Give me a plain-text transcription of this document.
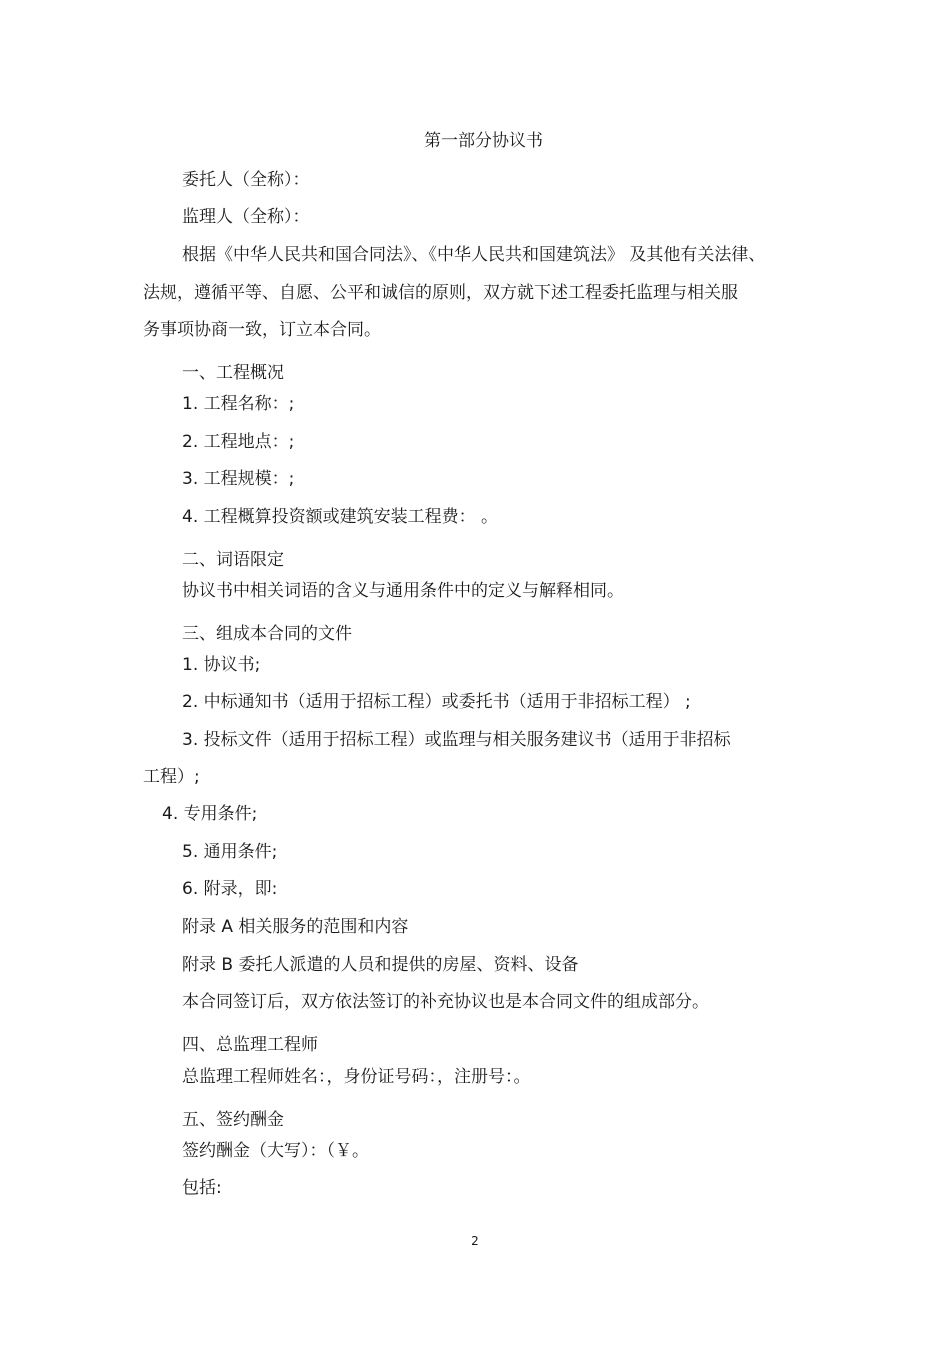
第一部分协议书
委托人（全称）：
监理人（全称）：
根据《中华人民共和国合同法》、《中华人民共和国建筑法》 及其他有关法律、
法规，遵循平等、自愿、公平和诚信的原则，双方就下述工程委托监理与相关服
务事项协商一致，订立本合同。
一、工程概况
1. 工程名称：;
2. 工程地点：;
3. 工程规模：;
4. 工程概算投资额或建筑安装工程费： 。
二、词语限定
协议书中相关词语的含义与通用条件中的定义与解释相同。
三、组成本合同的文件
1. 协议书;
2. 中标通知书（适用于招标工程）或委托书（适用于非招标工程） ;
3. 投标文件（适用于招标工程）或监理与相关服务建议书（适用于非招标
工程）;
4. 专用条件;
5. 通用条件;
6. 附录，即:
附录 A 相关服务的范围和内容
附录 B 委托人派遣的人员和提供的房屋、资料、设备
本合同签订后，双方依法签订的补充协议也是本合同文件的组成部分。
四、总监理工程师
总监理工程师姓名：，身份证号码：，注册号：。
五、签约酬金
签约酬金（大写）：（￥。
包括:
2
